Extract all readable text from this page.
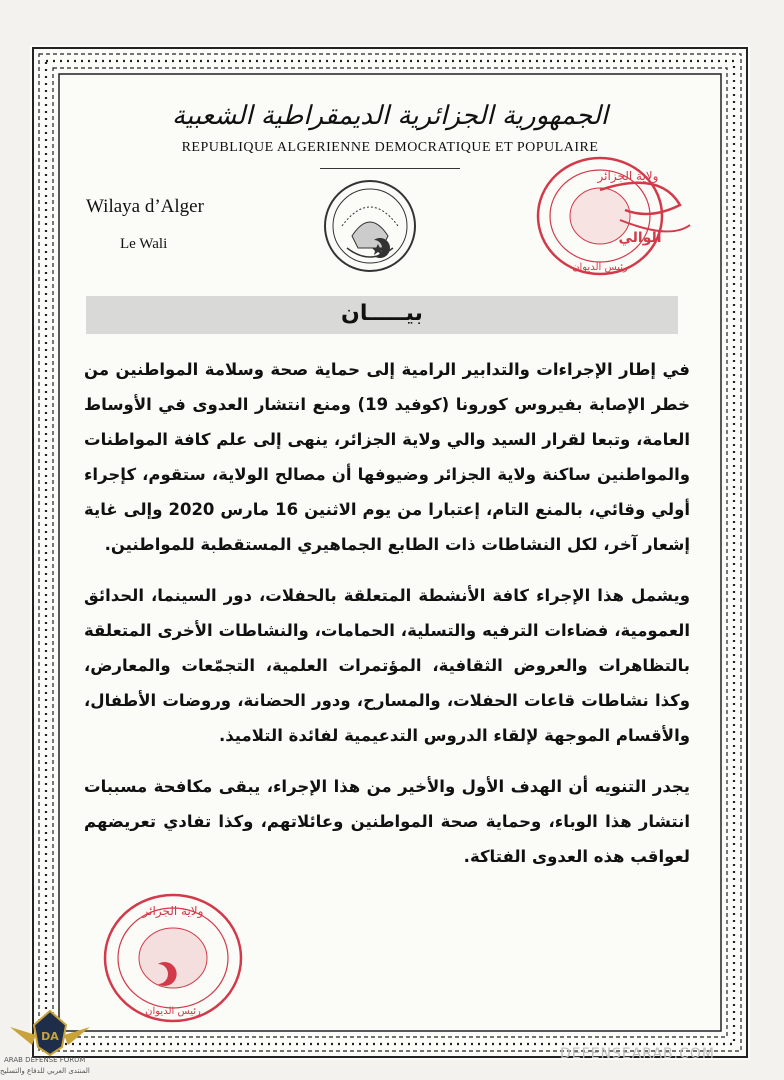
الجمهورية الجزائرية الديمقراطية الشعبية
REPUBLIQUE ALGERIENNE DEMOCRATIQUE ET POPULAIRE
Wilaya d’Alger
Le Wali
ولاية الجزائر
الوالي
رئيس الديوان
بيـــــان

في إطار الإجراءات والتدابير الرامية إلى حماية صحة وسلامة المواطنين من خطر الإصابة بفيروس كورونا (كوفيد 19) ومنع انتشار العدوى في الأوساط العامة، وتبعا لقرار السيد والي ولاية الجزائر، ينهى إلى علم كافة المواطنات والمواطنين ساكنة ولاية الجزائر وضيوفها أن مصالح الولاية، ستقوم، كإجراء أولي وقائي، بالمنع التام، إعتبارا من يوم الاثنين 16 مارس 2020 وإلى غاية إشعار آخر، لكل النشاطات ذات الطابع الجماهيري المستقطبة للمواطنين.

ويشمل هذا الإجراء كافة الأنشطة المتعلقة بالحفلات، دور السينما، الحدائق العمومية، فضاءات الترفيه والتسلية، الحمامات، والنشاطات الأخرى المتعلقة بالتظاهرات والعروض الثقافية، المؤتمرات العلمية، التجمّعات والمعارض، وكذا نشاطات قاعات الحفلات، والمسارح، ودور الحضانة، وروضات الأطفال، والأقسام الموجهة لإلقاء الدروس التدعيمية لفائدة التلاميذ.

يجدر التنويه أن الهدف الأول والأخير من هذا الإجراء، يبقى مكافحة مسببات انتشار هذا الوباء، وحماية صحة المواطنين وعائلاتهم، وكذا تفادي تعريضهم لعواقب هذه العدوى الفتاكة.

ولاية الجزائر
رئيس الديوان
DA
ARAB DEFENSE FORUM
المنتدى العربي للدفاع والتسليح
DEFENSEARAB.COM
